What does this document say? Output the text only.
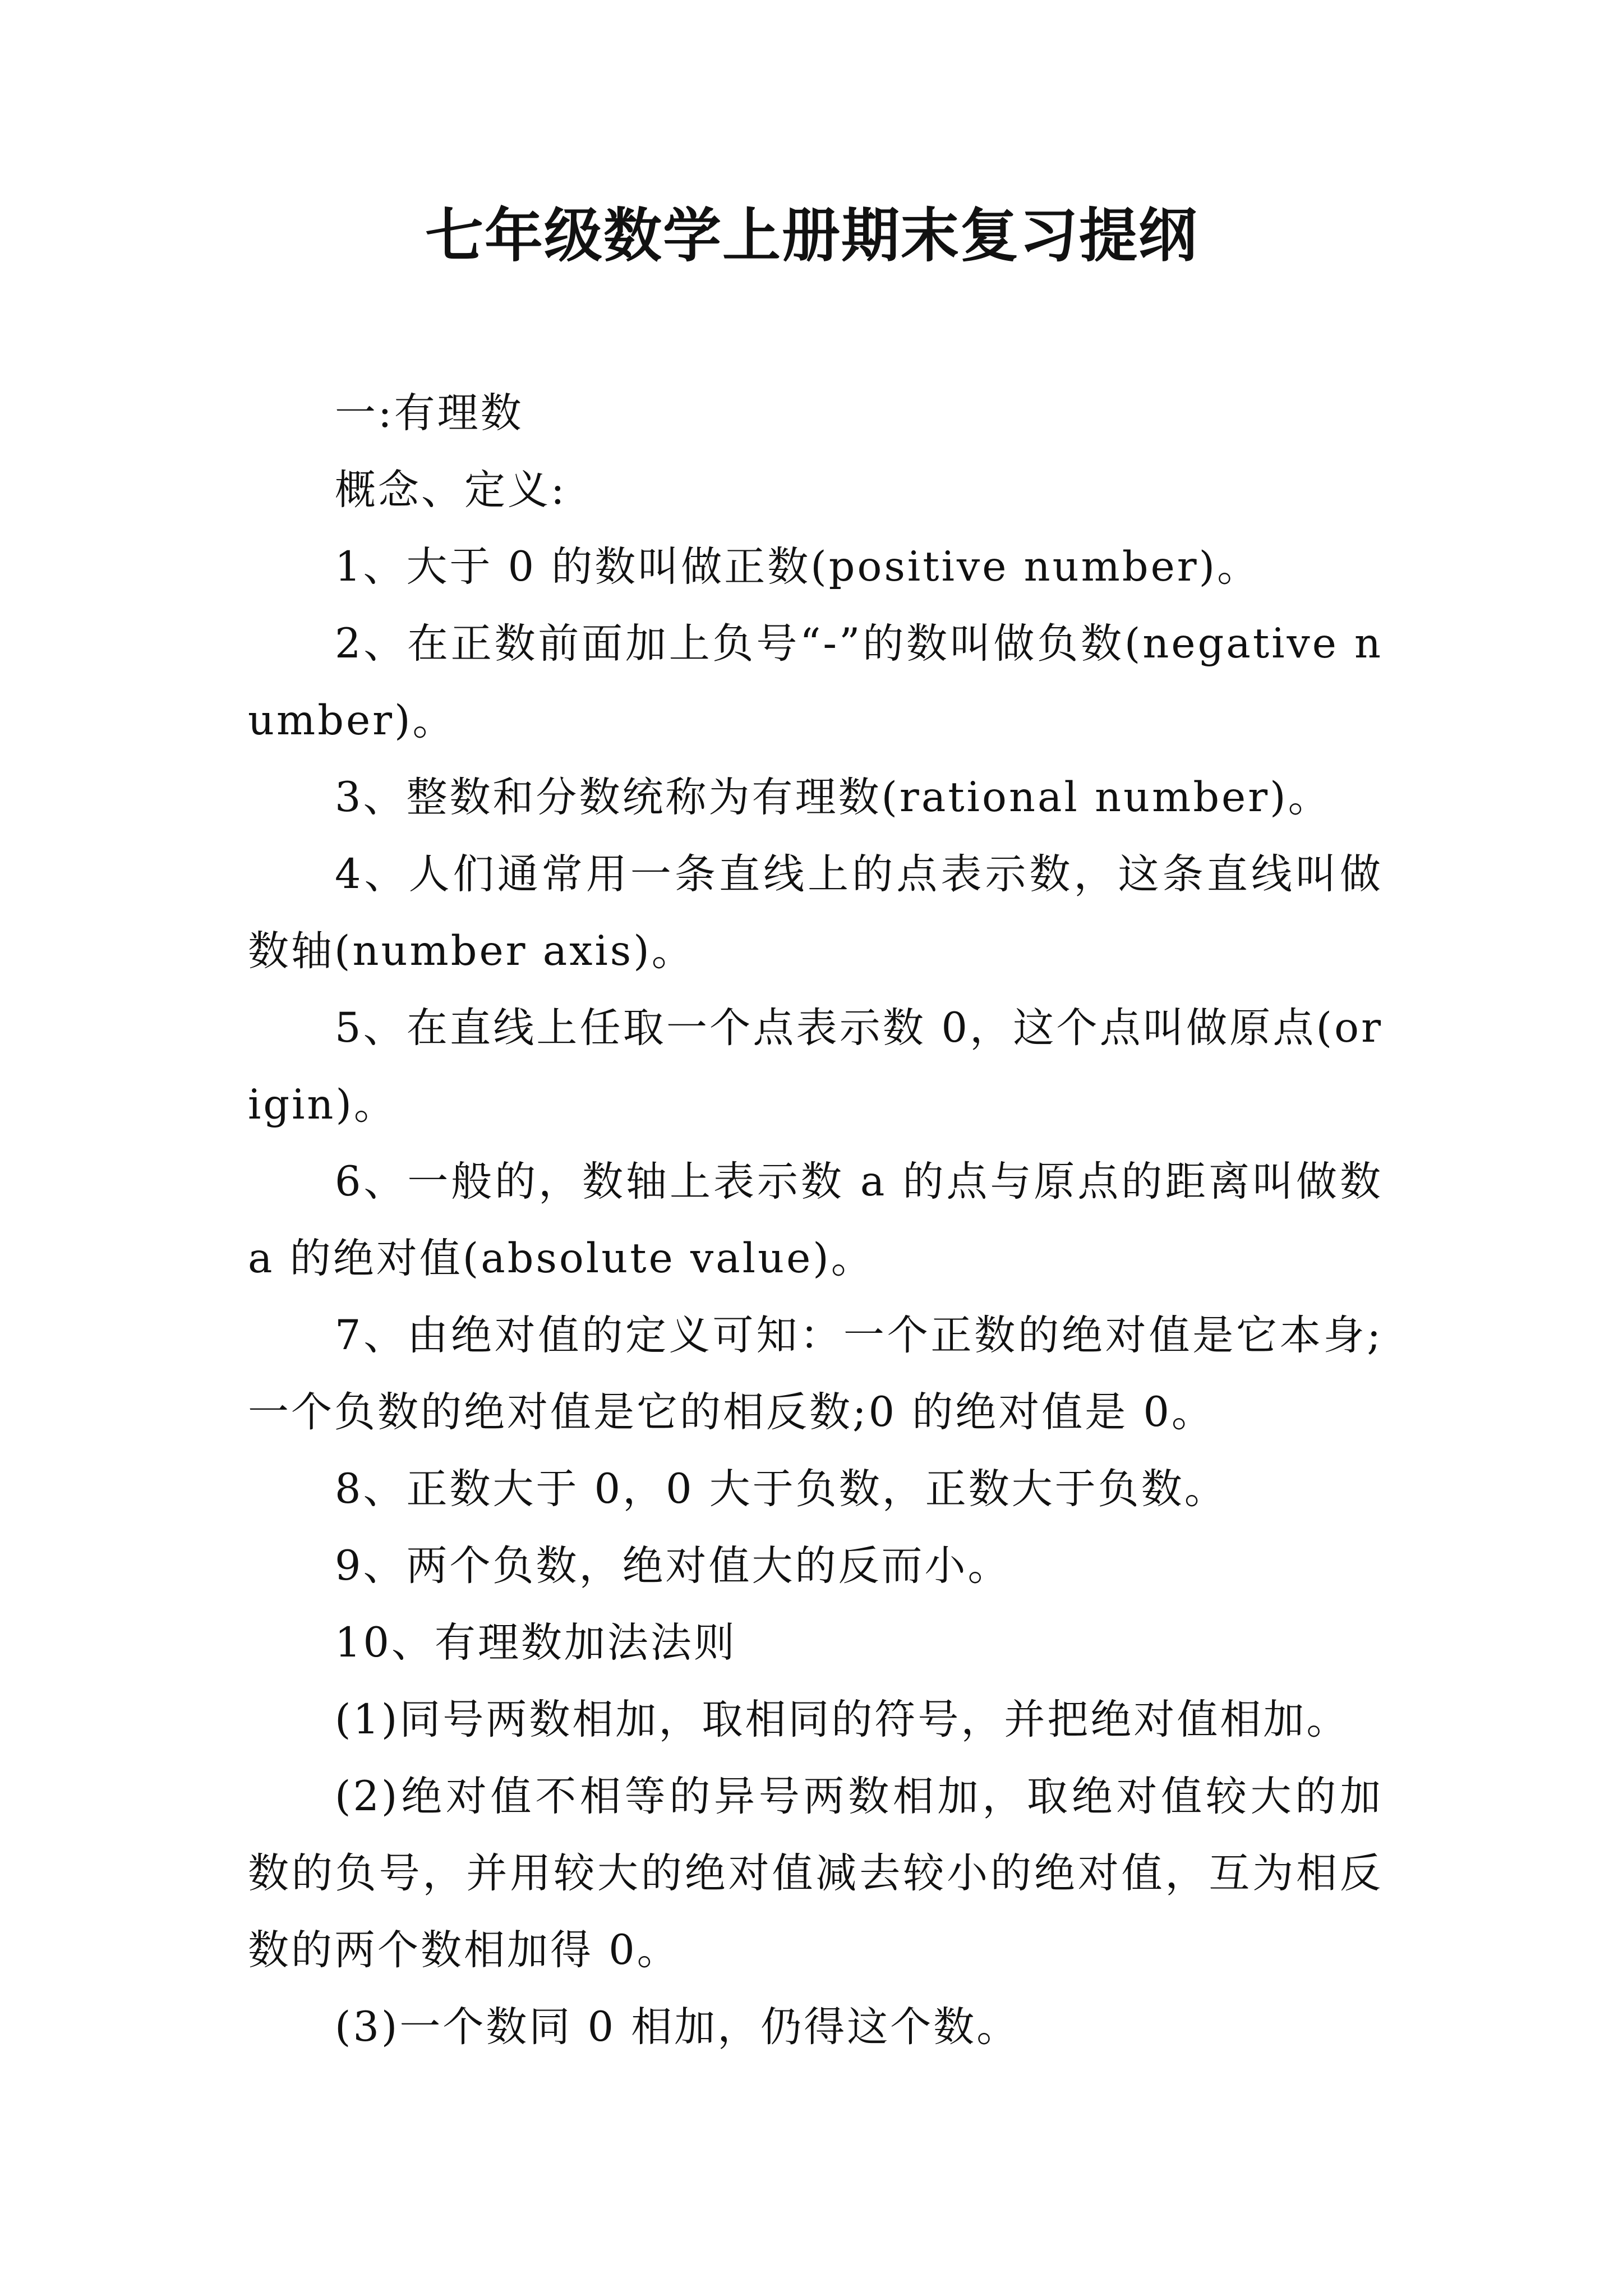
七年级数学上册期末复习提纲

一:有理数

概念、定义:

1、大于 0 的数叫做正数(positive number)。

2、在正数前面加上负号“-”的数叫做负数(negative number)。

3、整数和分数统称为有理数(rational number)。

4、人们通常用一条直线上的点表示数，这条直线叫做数轴(number axis)。

5、在直线上任取一个点表示数 0，这个点叫做原点(origin)。

6、一般的，数轴上表示数 a 的点与原点的距离叫做数 a 的绝对值(absolute value)。

7、由绝对值的定义可知：一个正数的绝对值是它本身;一个负数的绝对值是它的相反数;0 的绝对值是 0。

8、正数大于 0，0 大于负数，正数大于负数。

9、两个负数，绝对值大的反而小。

10、有理数加法法则

(1)同号两数相加，取相同的符号，并把绝对值相加。

(2)绝对值不相等的异号两数相加，取绝对值较大的加数的负号，并用较大的绝对值减去较小的绝对值，互为相反数的两个数相加得 0。

(3)一个数同 0 相加，仍得这个数。
